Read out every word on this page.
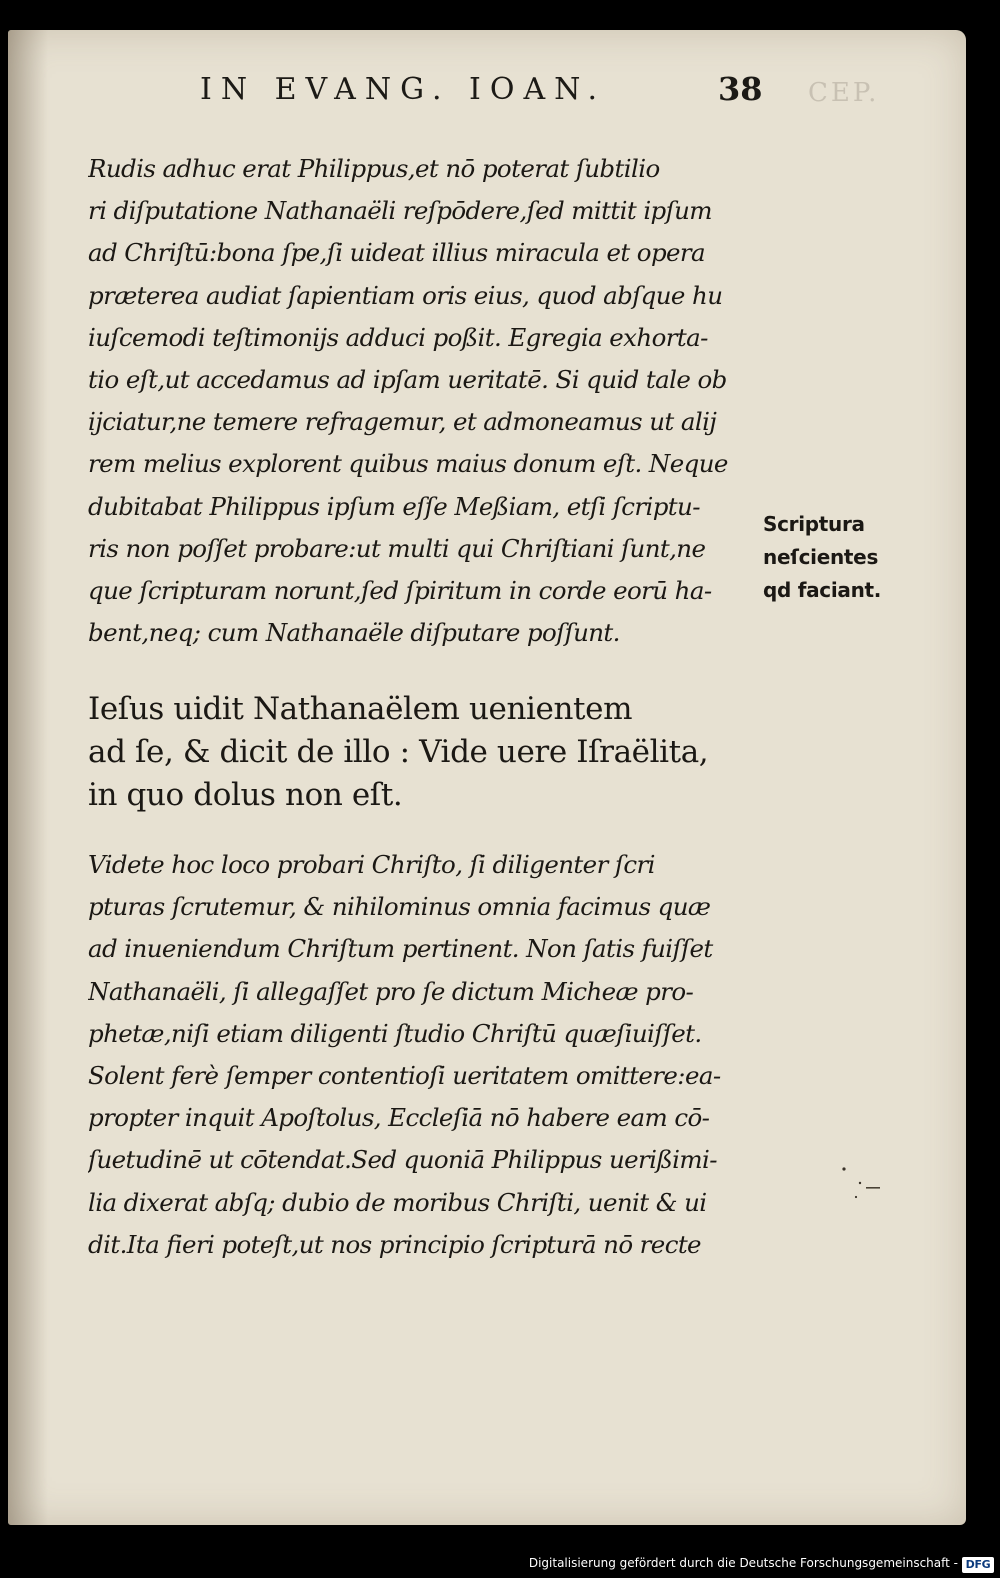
IN EVANG. IOAN.	38 CEP.
Rudis adhuc erat Philippus,et nō poterat ſubtilio
ri diſputatione Nathanaëli reſpōdere,ſed mittit ipſum
ad Chriſtū:bona ſpe,ſi uideat illius miracula et opera
præterea audiat ſapientiam oris eius, quod abſque hu
iuſcemodi teſtimonijs adduci poßit. Egregia exhorta-
tio eſt,ut accedamus ad ipſam ueritatē. Si quid tale ob
ijciatur,ne temere refragemur, et admoneamus ut alij
rem melius explorent quibus maius donum eſt. Neque
dubitabat Philippus ipſum eſſe Meßiam, etſi ſcriptu-
ris non poſſet probare:ut multi qui Chriſtiani ſunt,ne
que ſcripturam norunt,ſed ſpiritum in corde eorū ha-
bent,neq; cum Nathanaële diſputare poſſunt.
Scriptura
neſcientes
qd faciant.
Ieſus uidit Nathanaëlem uenientem
ad ſe, & dicit de illo : Vide uere Iſraëlita,
in quo dolus non eſt.
Videte hoc loco probari Chriſto, ſi diligenter ſcri
pturas ſcrutemur, & nihilominus omnia facimus quæ
ad inueniendum Chriſtum pertinent. Non ſatis fuiſſet
Nathanaëli, ſi allegaſſet pro ſe dictum Micheæ pro-
phetæ,niſi etiam diligenti ſtudio Chriſtū quæſiuiſſet.
Solent ferè ſemper contentioſi ueritatem omittere:ea-
propter inquit Apoſtolus, Eccleſiā nō habere eam cō-
ſuetudinē ut cōtendat.Sed quoniā Philippus uerißimi-
lia dixerat abſq; dubio de moribus Chriſti, uenit & ui
dit.Ita fieri poteſt,ut nos principio ſcripturā nō recte
Digitalisierung gefördert durch die Deutsche Forschungsgemeinschaft - DFG
